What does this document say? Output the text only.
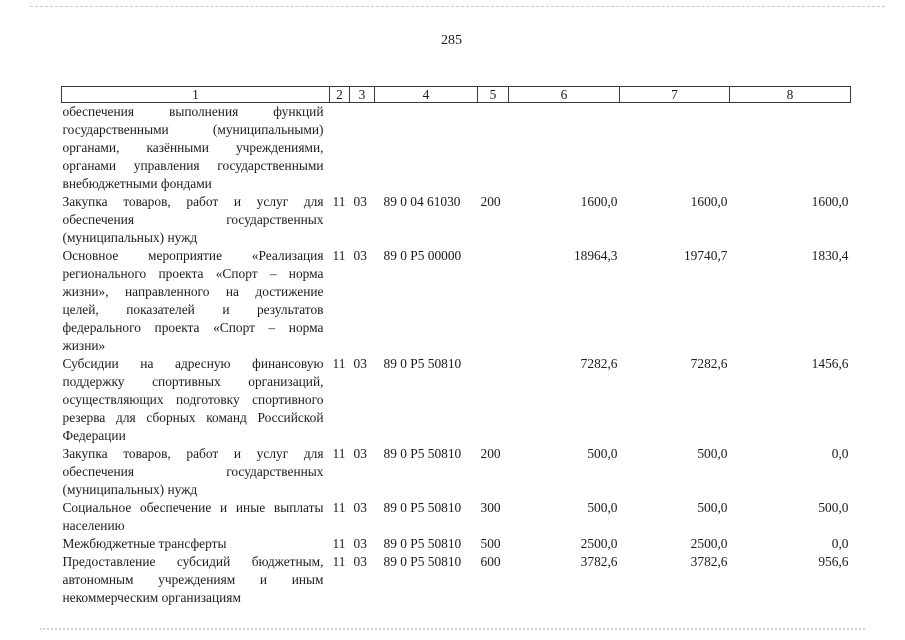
285
1	2	3	4	5	6	7	8
обеспечения выполнения функций государственными (муниципальными) органами, казёнными учреждениями, органами управления государственными внебюджетными фондами							
Закупка товаров, работ и услуг для обеспечения государственных (муниципальных) нужд	11	03	89 0 04 61030	200	1600,0	1600,0	1600,0
Основное мероприятие «Реализация регионального проекта «Спорт – норма жизни», направленного на достижение целей, показателей и результатов федерального проекта «Спорт – норма жизни»	11	03	89 0 P5 00000		18964,3	19740,7	1830,4
Субсидии на адресную финансовую поддержку спортивных организаций, осуществляющих подготовку спортивного резерва для сборных команд Российской Федерации	11	03	89 0 P5 50810		7282,6	7282,6	1456,6
Закупка товаров, работ и услуг для обеспечения государственных (муниципальных) нужд	11	03	89 0 P5 50810	200	500,0	500,0	0,0
Социальное обеспечение и иные выплаты населению	11	03	89 0 P5 50810	300	500,0	500,0	500,0
Межбюджетные трансферты	11	03	89 0 P5 50810	500	2500,0	2500,0	0,0
Предоставление субсидий бюджетным, автономным учреждениям и иным некоммерческим организациям	11	03	89 0 P5 50810	600	3782,6	3782,6	956,6
